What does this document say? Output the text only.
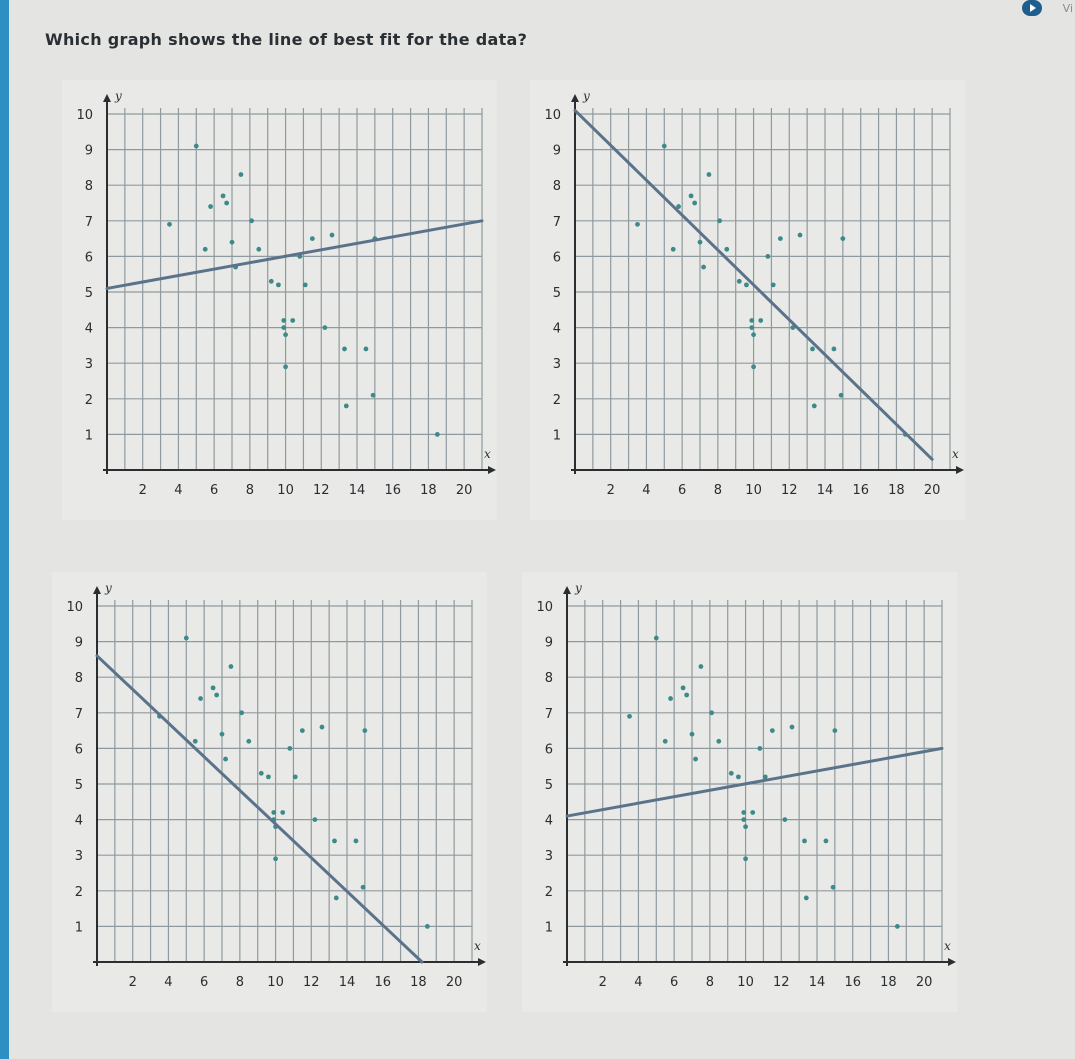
Vi
Which graph shows the line of best fit for the data?
x
y
2 4 6 8 10 12 14 16 18 20
1
2
3
4
5
6
7
8
9
10
x
y
2 4 6 8 10 12 14 16 18 20
1
2
3
4
5
6
7
8
9
10
x
y
2 4 6 8 10 12 14 16 18 20
1
2
3
4
5
6
7
8
9
10
x
y
2 4 6 8 10 12 14 16 18 20
1
2
3
4
5
6
7
8
9
10
